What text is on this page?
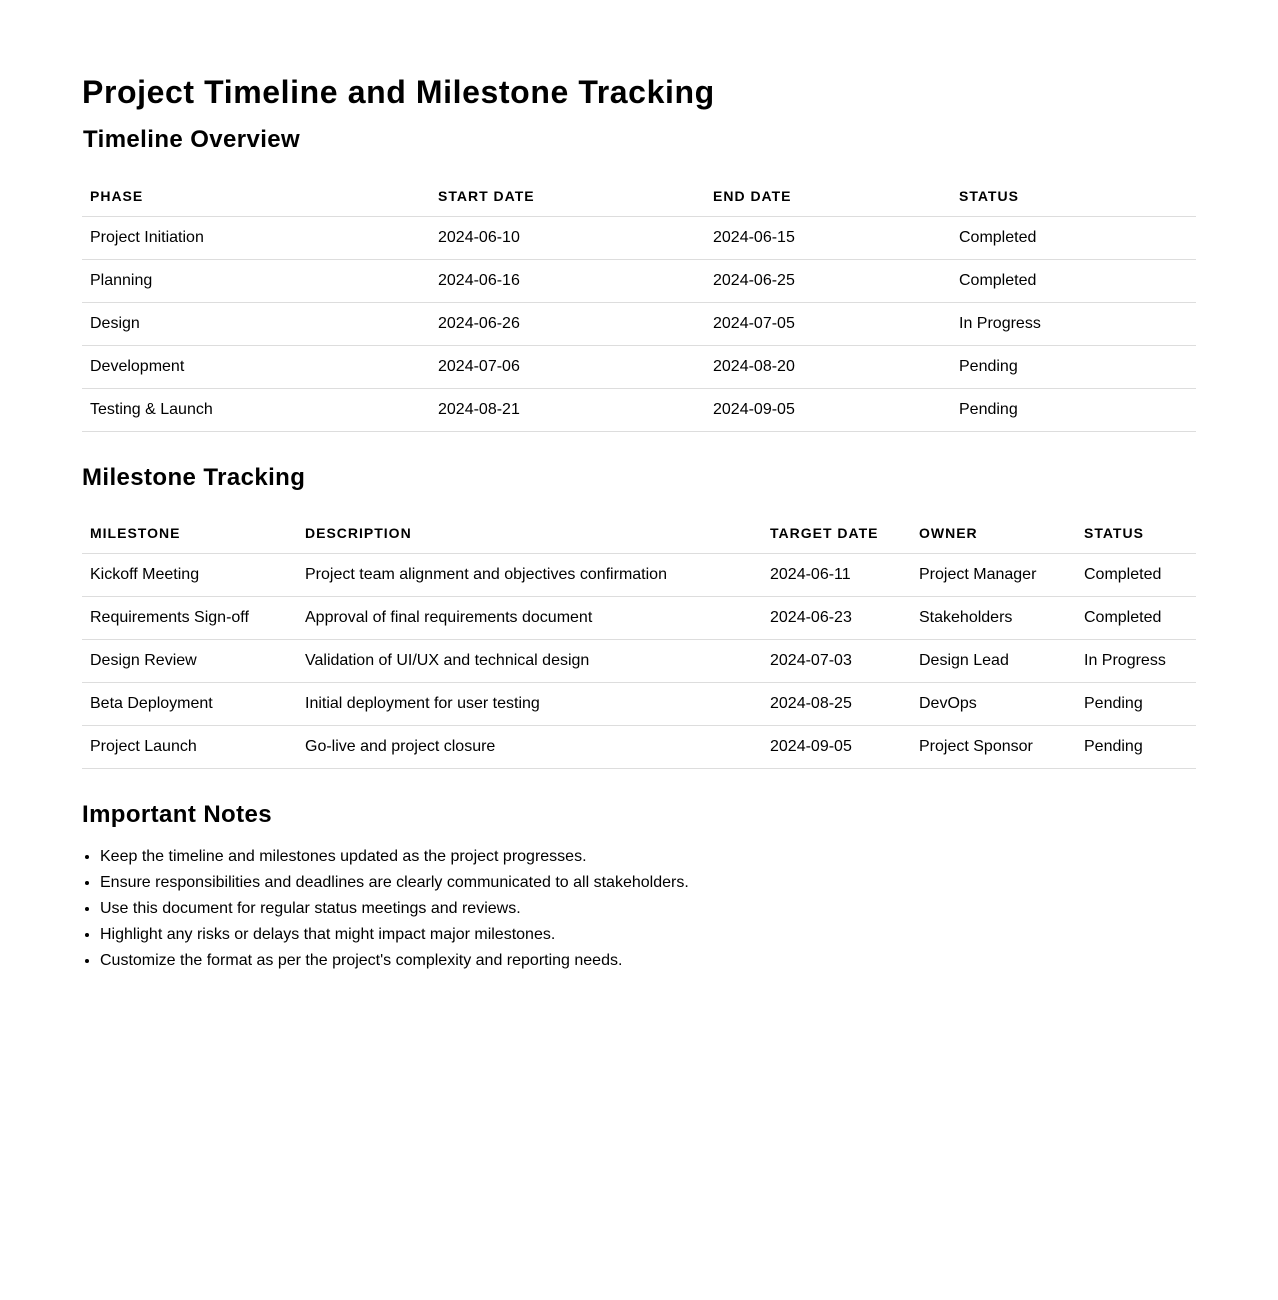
Project Timeline and Milestone Tracking
Timeline Overview
PHASE	START DATE	END DATE	STATUS
Project Initiation	2024-06-10	2024-06-15	Completed
Planning	2024-06-16	2024-06-25	Completed
Design	2024-06-26	2024-07-05	In Progress
Development	2024-07-06	2024-08-20	Pending
Testing & Launch	2024-08-21	2024-09-05	Pending
Milestone Tracking
MILESTONE	DESCRIPTION	TARGET DATE	OWNER	STATUS
Kickoff Meeting	Project team alignment and objectives confirmation	2024-06-11	Project Manager	Completed
Requirements Sign-off	Approval of final requirements document	2024-06-23	Stakeholders	Completed
Design Review	Validation of UI/UX and technical design	2024-07-03	Design Lead	In Progress
Beta Deployment	Initial deployment for user testing	2024-08-25	DevOps	Pending
Project Launch	Go-live and project closure	2024-09-05	Project Sponsor	Pending
Important Notes
• Keep the timeline and milestones updated as the project progresses.
• Ensure responsibilities and deadlines are clearly communicated to all stakeholders.
• Use this document for regular status meetings and reviews.
• Highlight any risks or delays that might impact major milestones.
• Customize the format as per the project's complexity and reporting needs.
